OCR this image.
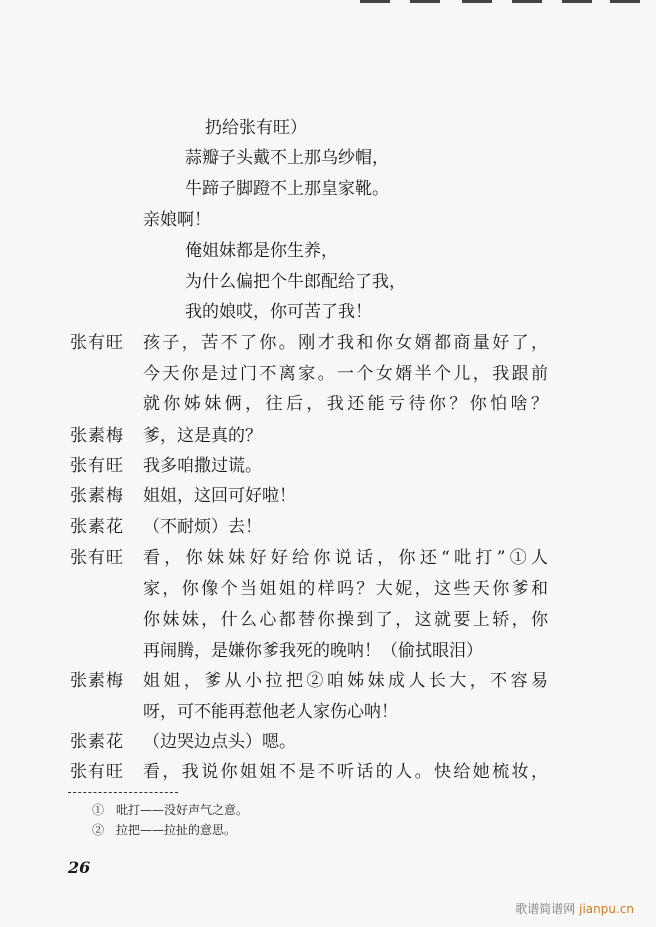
扔给张有旺）
蒜瓣子头戴不上那乌纱帽，
牛蹄子脚蹬不上那皇家靴。
亲娘啊！
俺姐妹都是你生养，
为什么偏把个牛郎配给了我，
我的娘哎，你可苦了我！
张有旺 孩子，苦不了你。刚才我和你女婿都商量好了，
今天你是过门不离家。一个女婿半个儿，我跟前
就你姊妹俩，往后，我还能亏待你？你怕啥？
张素梅 爹，这是真的？
张有旺 我多咱撒过谎。
张素梅 姐姐，这回可好啦！
张素花 （不耐烦）去！
张有旺 看，你妹妹好好给你说话，你还“吡打”①人
家，你像个当姐姐的样吗？大妮，这些天你爹和
你妹妹，什么心都替你操到了，这就要上轿，你
再闹腾，是嫌你爹我死的晚呐！（偷拭眼泪）
张素梅 姐姐，爹从小拉把②咱姊妹成人长大，不容易
呀，可不能再惹他老人家伤心呐！
张素花 （边哭边点头）嗯。
张有旺 看，我说你姐姐不是不听话的人。快给她梳妆，
①　吡打——没好声气之意。
②　拉把——拉扯的意思。
26
歌谱简谱网 jianpu.cn
